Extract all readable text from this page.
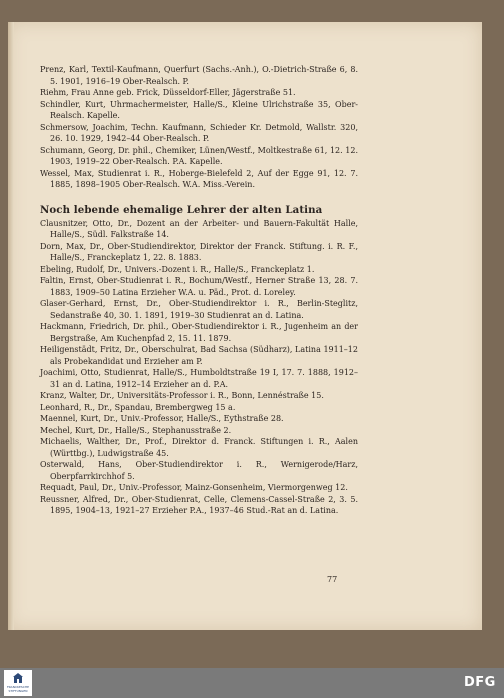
Prenz, Karl, Textil-Kaufmann, Querfurt (Sachs.-Anh.), O.-Dietrich-Straße 6, 8. 5. 1901, 1916–19 Ober-Realsch. P.

Riehm, Frau Anne geb. Frick, Düsseldorf-Eller, Jägerstraße 51.

Schindler, Kurt, Uhrmachermeister, Halle/S., Kleine Ulrichstraße 35, Ober-Realsch. Kapelle.

Schmersow, Joachim, Techn. Kaufmann, Schieder Kr. Detmold, Wallstr. 320, 26. 10. 1929, 1942–44 Ober-Realsch. P.

Schumann, Georg, Dr. phil., Chemiker, Lünen/Westf., Moltkestraße 61, 12. 12. 1903, 1919–22 Ober-Realsch. P.A. Kapelle.

Wessel, Max, Studienrat i. R., Hoberge-Bielefeld 2, Auf der Egge 91, 12. 7. 1885, 1898–1905 Ober-Realsch. W.A. Miss.-Verein.

Noch lebende ehemalige Lehrer der alten Latina

Clausnitzer, Otto, Dr., Dozent an der Arbeiter- und Bauern-Fakultät Halle, Halle/S., Südl. Falkstraße 14.

Dorn, Max, Dr., Ober-Studiendirektor, Direktor der Franck. Stiftung. i. R. F., Halle/S., Franckeplatz 1, 22. 8. 1883.

Ebeling, Rudolf, Dr., Univers.-Dozent i. R., Halle/S., Franckeplatz 1.

Faltin, Ernst, Ober-Studienrat i. R., Bochum/Westf., Herner Straße 13, 28. 7. 1883, 1909–50 Latina Erzieher W.A. u. Päd., Prot. d. Loreley.

Glaser-Gerhard, Ernst, Dr., Ober-Studiendirektor i. R., Berlin-Steglitz, Sedanstraße 40, 30. 1. 1891, 1919–30 Studienrat an d. Latina.

Hackmann, Friedrich, Dr. phil., Ober-Studiendirektor i. R., Jugenheim an der Bergstraße, Am Kuchenpfad 2, 15. 11. 1879.

Heiligenstädt, Fritz, Dr., Oberschulrat, Bad Sachsa (Südharz), Latina 1911–12 als Probekandidat und Erzieher am P.

Joachimi, Otto, Studienrat, Halle/S., Humboldtstraße 19 I, 17. 7. 1888, 1912–31 an d. Latina, 1912–14 Erzieher an d. P.A.

Kranz, Walter, Dr., Universitäts-Professor i. R., Bonn, Lennéstraße 15.

Leonhard, R., Dr., Spandau, Brembergweg 15 a.

Maennel, Kurt, Dr., Univ.-Professor, Halle/S., Eythstraße 28.

Mechel, Kurt, Dr., Halle/S., Stephanusstraße 2.

Michaelis, Walther, Dr., Prof., Direktor d. Franck. Stiftungen i. R., Aalen (Württbg.), Ludwigstraße 45.

Osterwald, Hans, Ober-Studiendirektor i. R., Wernigerode/Harz, Oberpfarrkirchhof 5.

Requadt, Paul, Dr., Univ.-Professor, Mainz-Gonsenheim, Viermorgenweg 12.

Reussner, Alfred, Dr., Ober-Studienrat, Celle, Clemens-Cassel-Straße 2, 3. 5. 1895, 1904–13, 1921–27 Erzieher P.A., 1937–46 Stud.-Rat an d. Latina.

77
FRANCKESCHE STIFTUNGEN
DFG
